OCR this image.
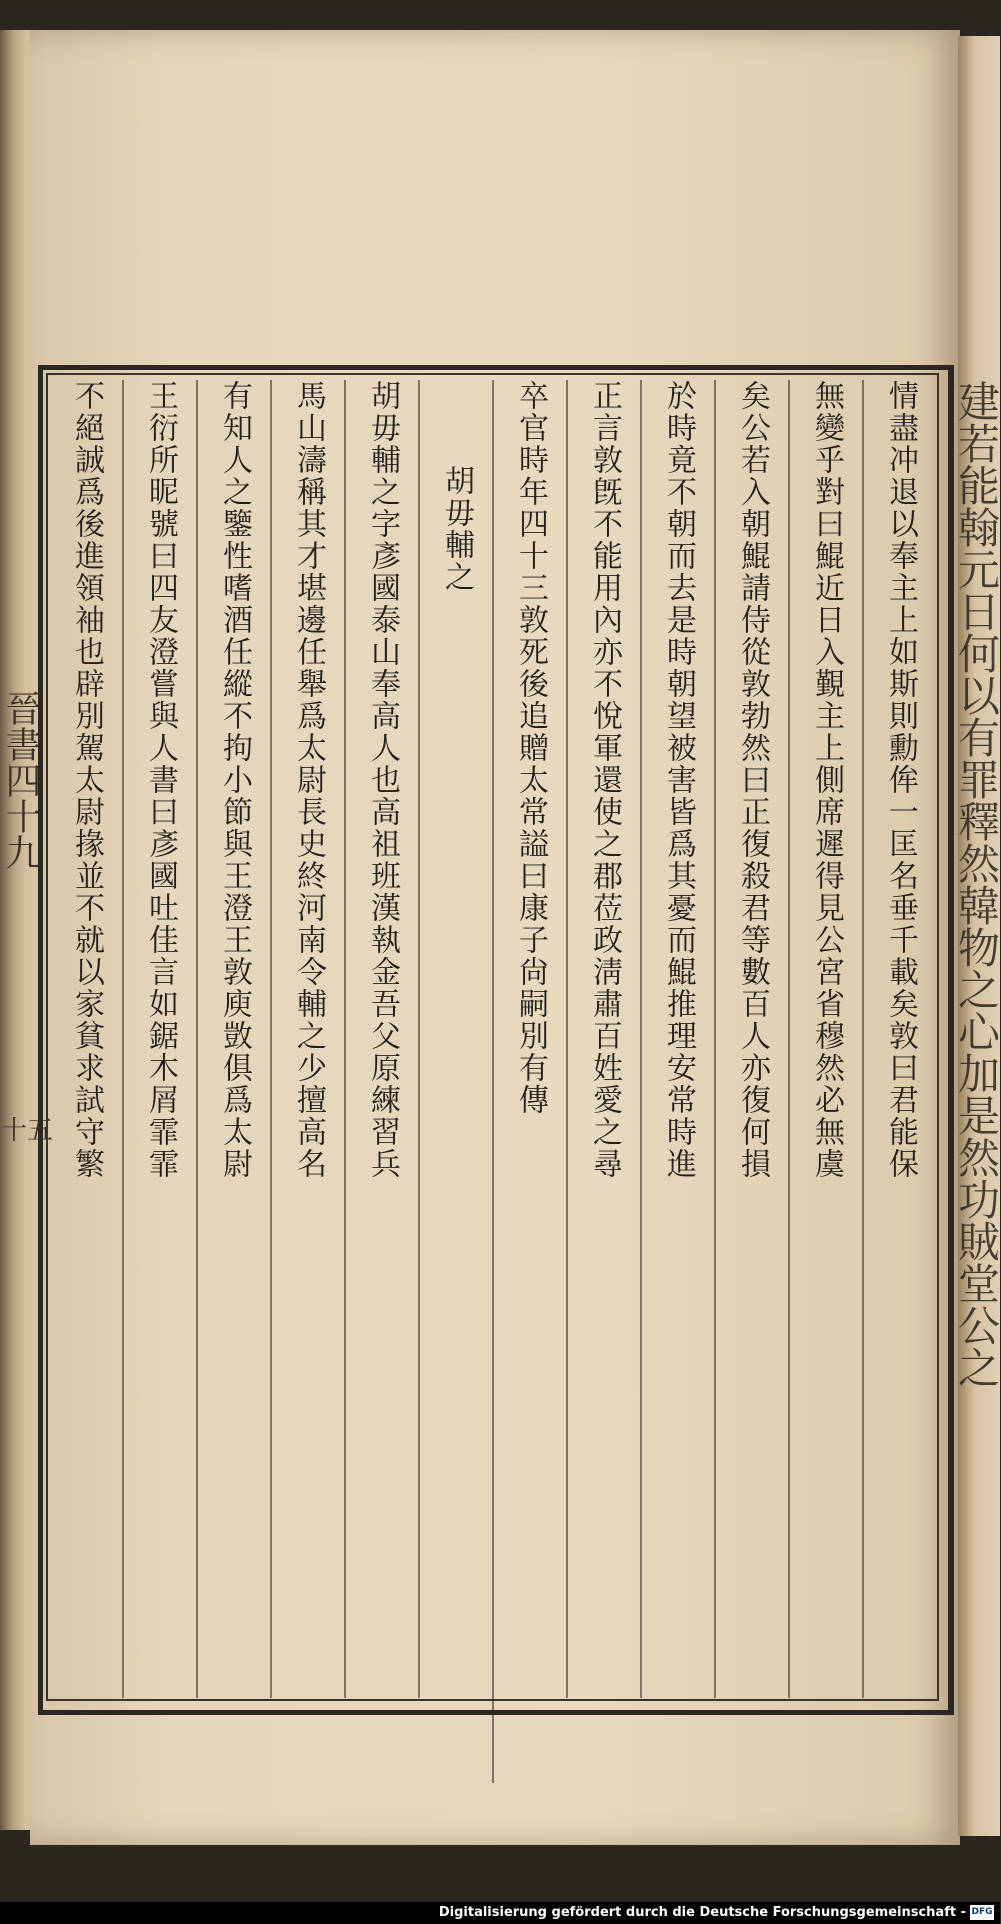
建若能翰元日何以有罪釋然韓物之心加是然功賊堂公之
晉書四十九
十五	情盡冲退以奉主上如斯則勳侔一匡名垂千載矣敦曰君能保
無變乎對曰鯤近日入覲主上側席遲得見公宮省穆然必無虞
矣公若入朝鯤請侍從敦勃然曰正復殺君等數百人亦復何損
於時竟不朝而去是時朝望被害皆爲其憂而鯤推理安常時進
正言敦旣不能用內亦不悅軍還使之郡莅政淸肅百姓愛之尋
卒官時年四十三敦死後追贈太常謚曰康子尙嗣別有傳
胡毋輔之
胡毋輔之字彥國泰山奉高人也高祖班漢執金吾父原練習兵
馬山濤稱其才堪邊任舉爲太尉長史終河南令輔之少擅高名
有知人之鑒性嗜酒任縱不拘小節與王澄王敦庾敳俱爲太尉
王衍所昵號曰四友澄嘗與人書曰彥國吐佳言如鋸木屑霏霏
不絕誠爲後進領袖也辟別駕太尉掾並不就以家貧求試守繁
Digitalisierung gefördert durch die Deutsche Forschungsgemeinschaft - DFG
